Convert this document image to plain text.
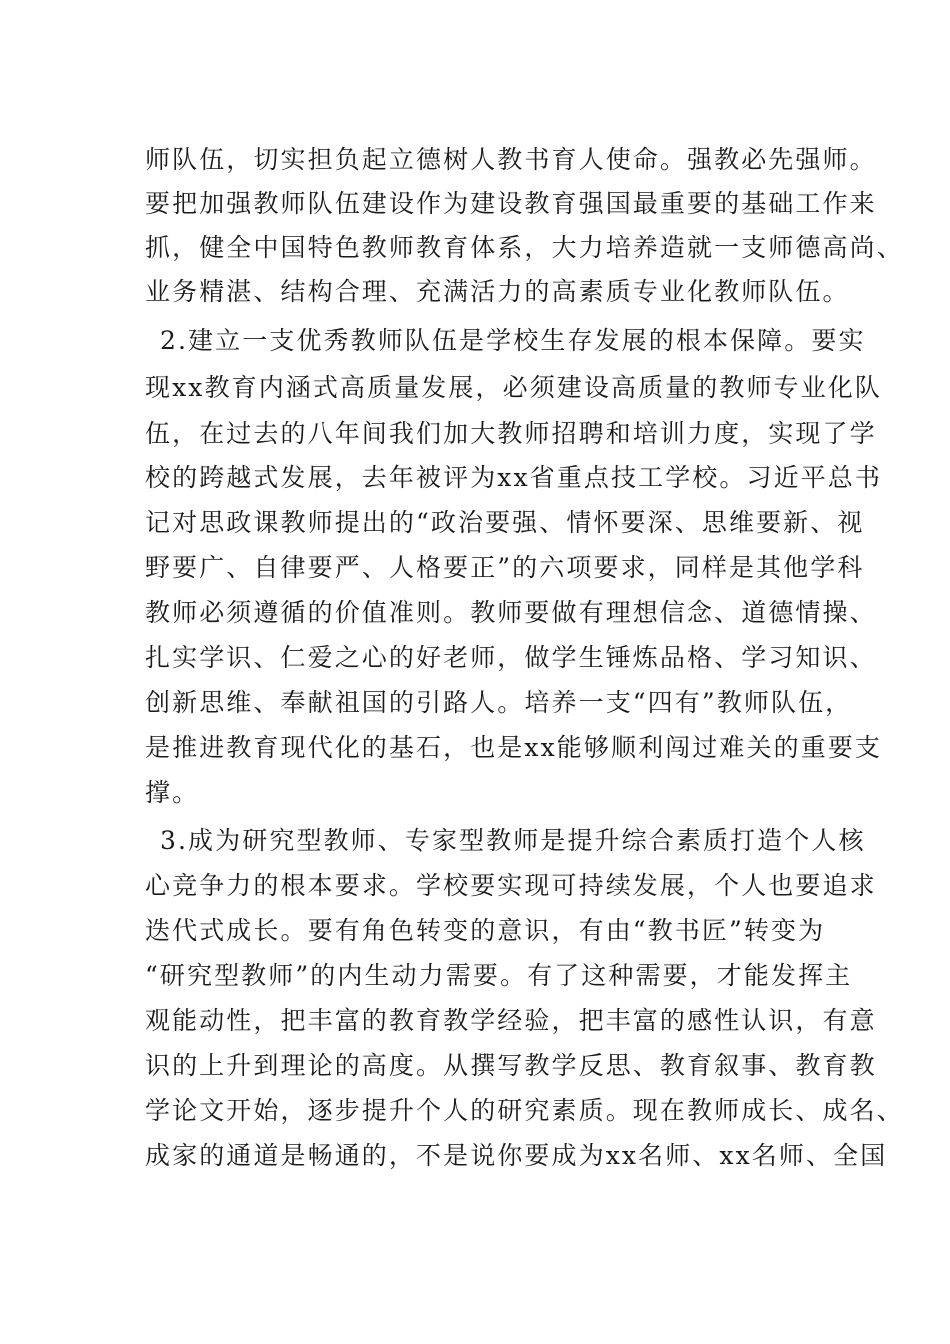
师队伍，切实担负起立德树人教书育人使命。强教必先强师。
要把加强教师队伍建设作为建设教育强国最重要的基础工作来
抓，健全中国特色教师教育体系，大力培养造就一支师德高尚、
业务精湛、结构合理、充满活力的高素质专业化教师队伍。
2.建立一支优秀教师队伍是学校生存发展的根本保障。要实
现xx教育内涵式高质量发展，必须建设高质量的教师专业化队
伍，在过去的八年间我们加大教师招聘和培训力度，实现了学
校的跨越式发展，去年被评为xx省重点技工学校。习近平总书
记对思政课教师提出的“政治要强、情怀要深、思维要新、视
野要广、自律要严、人格要正”的六项要求，同样是其他学科
教师必须遵循的价值准则。教师要做有理想信念、道德情操、
扎实学识、仁爱之心的好老师，做学生锤炼品格、学习知识、
创新思维、奉献祖国的引路人。培养一支“四有”教师队伍，
是推进教育现代化的基石，也是xx能够顺利闯过难关的重要支
撑。
3.成为研究型教师、专家型教师是提升综合素质打造个人核
心竞争力的根本要求。学校要实现可持续发展，个人也要追求
迭代式成长。要有角色转变的意识，有由“教书匠”转变为
“研究型教师”的内生动力需要。有了这种需要，才能发挥主
观能动性，把丰富的教育教学经验，把丰富的感性认识，有意
识的上升到理论的高度。从撰写教学反思、教育叙事、教育教
学论文开始，逐步提升个人的研究素质。现在教师成长、成名、
成家的通道是畅通的，不是说你要成为xx名师、xx名师、全国
